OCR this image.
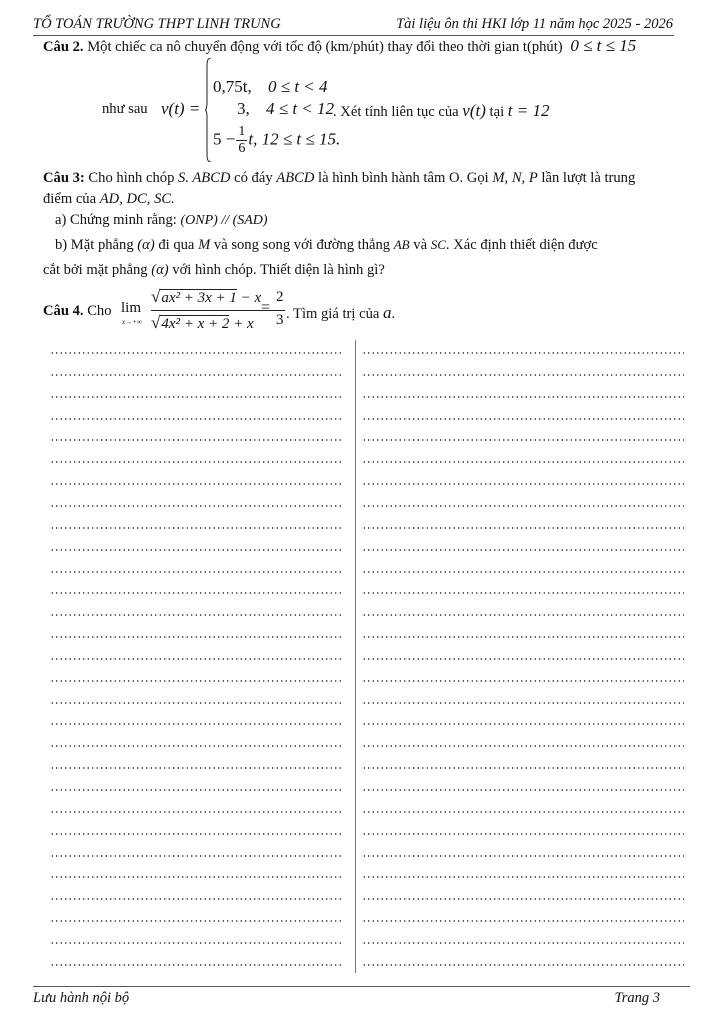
TỔ TOÁN TRƯỜNG THPT LINH TRUNG	Tài liệu ôn thi HKI lớp 11 năm học 2025 - 2026
Câu 2. Một chiếc ca nô chuyển động với tốc độ (km/phút) thay đổi theo thời gian t(phút) 0 ≤ t ≤ 15
như sau v(t) =
0,75t, 0 ≤ t < 4
3, 4 ≤ t < 12
$5 - \frac{1}{6} t$, 12 ≤ t ≤ 15.
. Xét tính liên tục của v(t) tại t = 12
Câu 3: Cho hình chóp S. ABCD có đáy ABCD là hình bình hành tâm O. Gọi M, N, P lần lượt là trung
điểm của AD, DC, SC.
a) Chứng minh rằng: (ONP) // (SAD)
b) Mặt phẳng (α) đi qua M và song song với đường thẳng AB và SC. Xác định thiết diện được
cắt bởi mặt phẳng (α) với hình chóp. Thiết diện là hình gì?
Câu 4. Cho lim
x→+∞
√ax² + 3x + 1 − x
√4x² + x + 2 + x
=
2
3 . Tìm giá trị của a.
Lưu hành nội bộ	Trang 3
